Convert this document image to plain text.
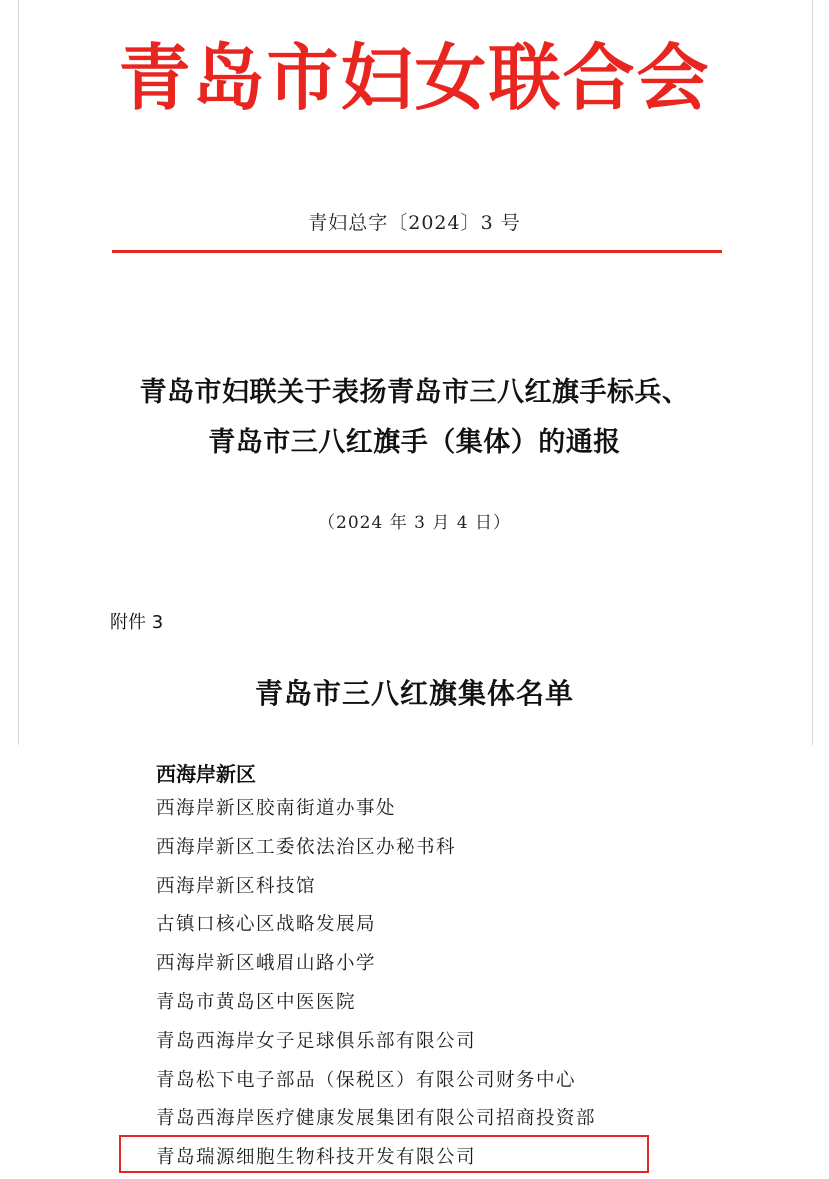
青岛市妇女联合会
青妇总字〔2024〕3 号
青岛市妇联关于表扬青岛市三八红旗手标兵、
青岛市三八红旗手（集体）的通报
（2024 年 3 月 4 日）
附件 3
青岛市三八红旗集体名单
西海岸新区
西海岸新区胶南街道办事处
西海岸新区工委依法治区办秘书科
西海岸新区科技馆
古镇口核心区战略发展局
西海岸新区峨眉山路小学
青岛市黄岛区中医医院
青岛西海岸女子足球俱乐部有限公司
青岛松下电子部品（保税区）有限公司财务中心
青岛西海岸医疗健康发展集团有限公司招商投资部
青岛瑞源细胞生物科技开发有限公司
